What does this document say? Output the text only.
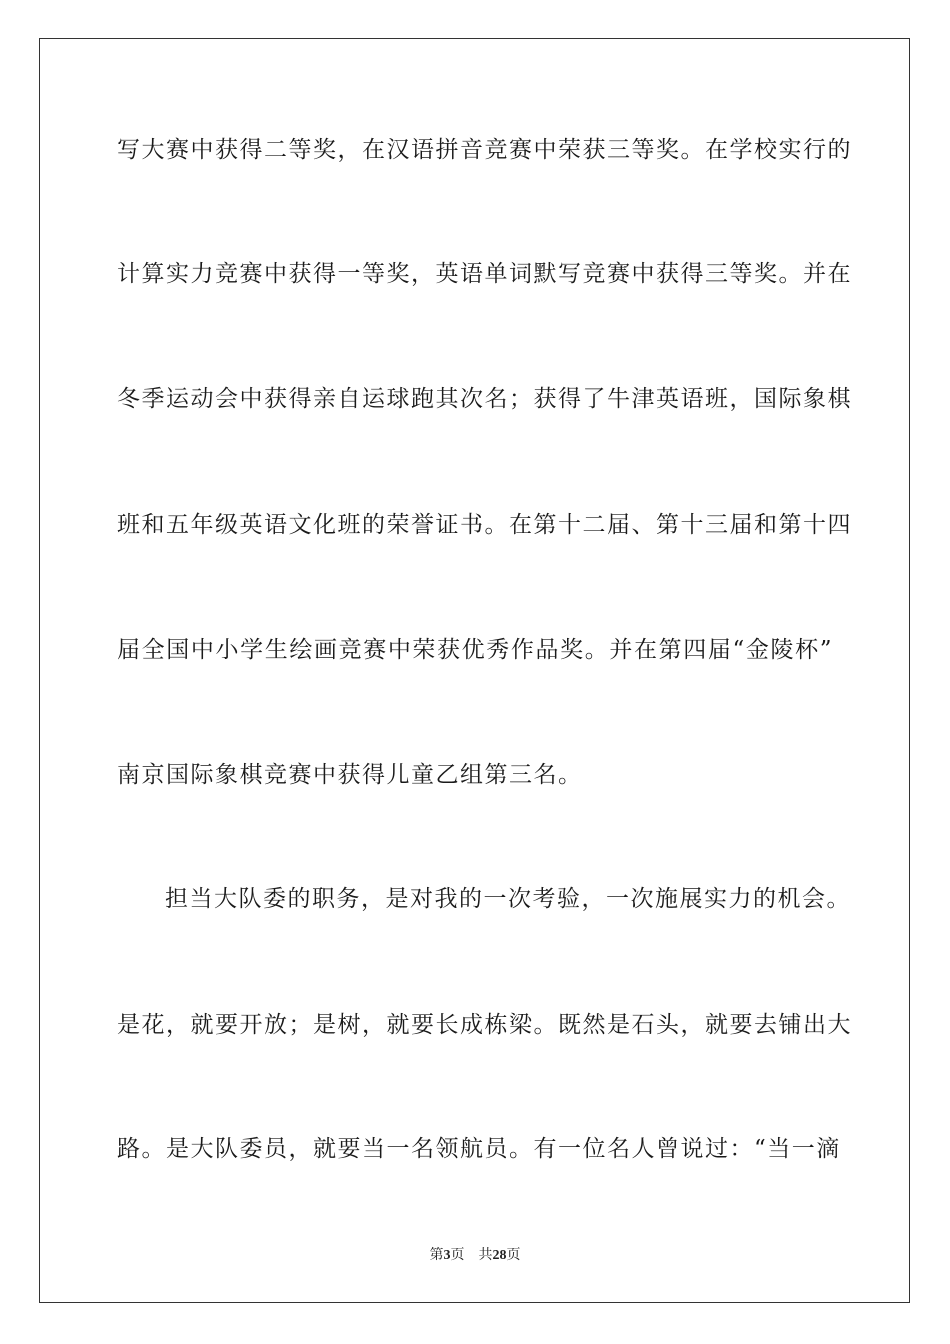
写大赛中获得二等奖，在汉语拼音竞赛中荣获三等奖。在学校实行的
计算实力竞赛中获得一等奖，英语单词默写竞赛中获得三等奖。并在
冬季运动会中获得亲自运球跑其次名；获得了牛津英语班，国际象棋
班和五年级英语文化班的荣誉证书。在第十二届、第十三届和第十四
届全国中小学生绘画竞赛中荣获优秀作品奖。并在第四届“金陵杯”
南京国际象棋竞赛中获得儿童乙组第三名。
担当大队委的职务，是对我的一次考验，一次施展实力的机会。
是花，就要开放；是树，就要长成栋梁。既然是石头，就要去铺出大
路。是大队委员，就要当一名领航员。有一位名人曾说过：“当一滴
第3页 共28页
